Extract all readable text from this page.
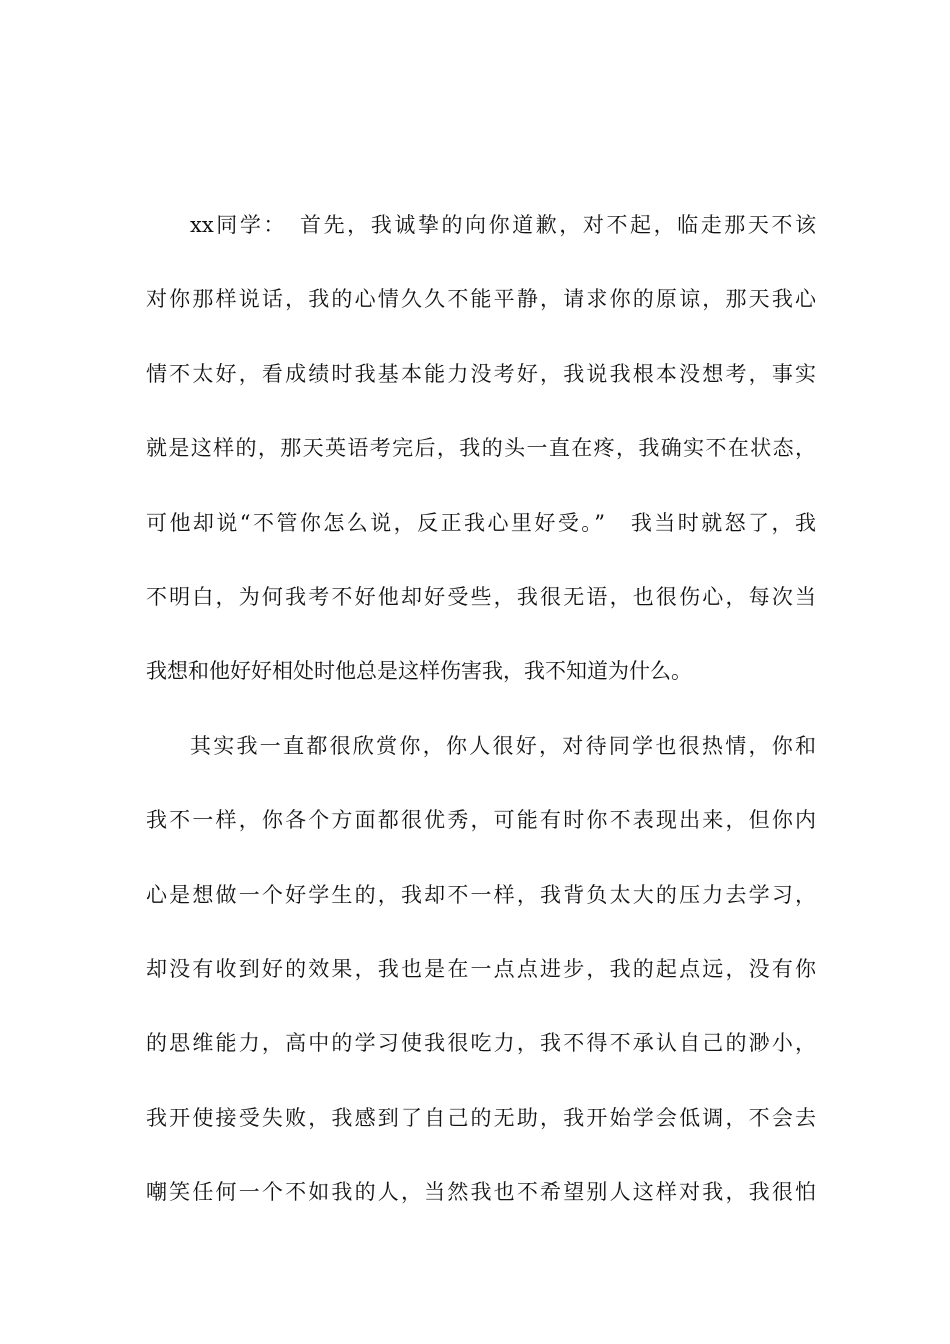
xx同学：　首先，我诚挚的向你道歉，对不起，临走那天不该
对你那样说话，我的心情久久不能平静，请求你的原谅，那天我心
情不太好，看成绩时我基本能力没考好，我说我根本没想考，事实
就是这样的，那天英语考完后，我的头一直在疼，我确实不在状态，
可他却说“不管你怎么说，反正我心里好受。”　我当时就怒了，我
不明白，为何我考不好他却好受些，我很无语，也很伤心，每次当
我想和他好好相处时他总是这样伤害我，我不知道为什么。
其实我一直都很欣赏你，你人很好，对待同学也很热情，你和
我不一样，你各个方面都很优秀，可能有时你不表现出来，但你内
心是想做一个好学生的，我却不一样，我背负太大的压力去学习，
却没有收到好的效果，我也是在一点点进步，我的起点远，没有你
的思维能力，高中的学习使我很吃力，我不得不承认自己的渺小，
我开使接受失败，我感到了自己的无助，我开始学会低调，不会去
嘲笑任何一个不如我的人，当然我也不希望别人这样对我，我很怕
